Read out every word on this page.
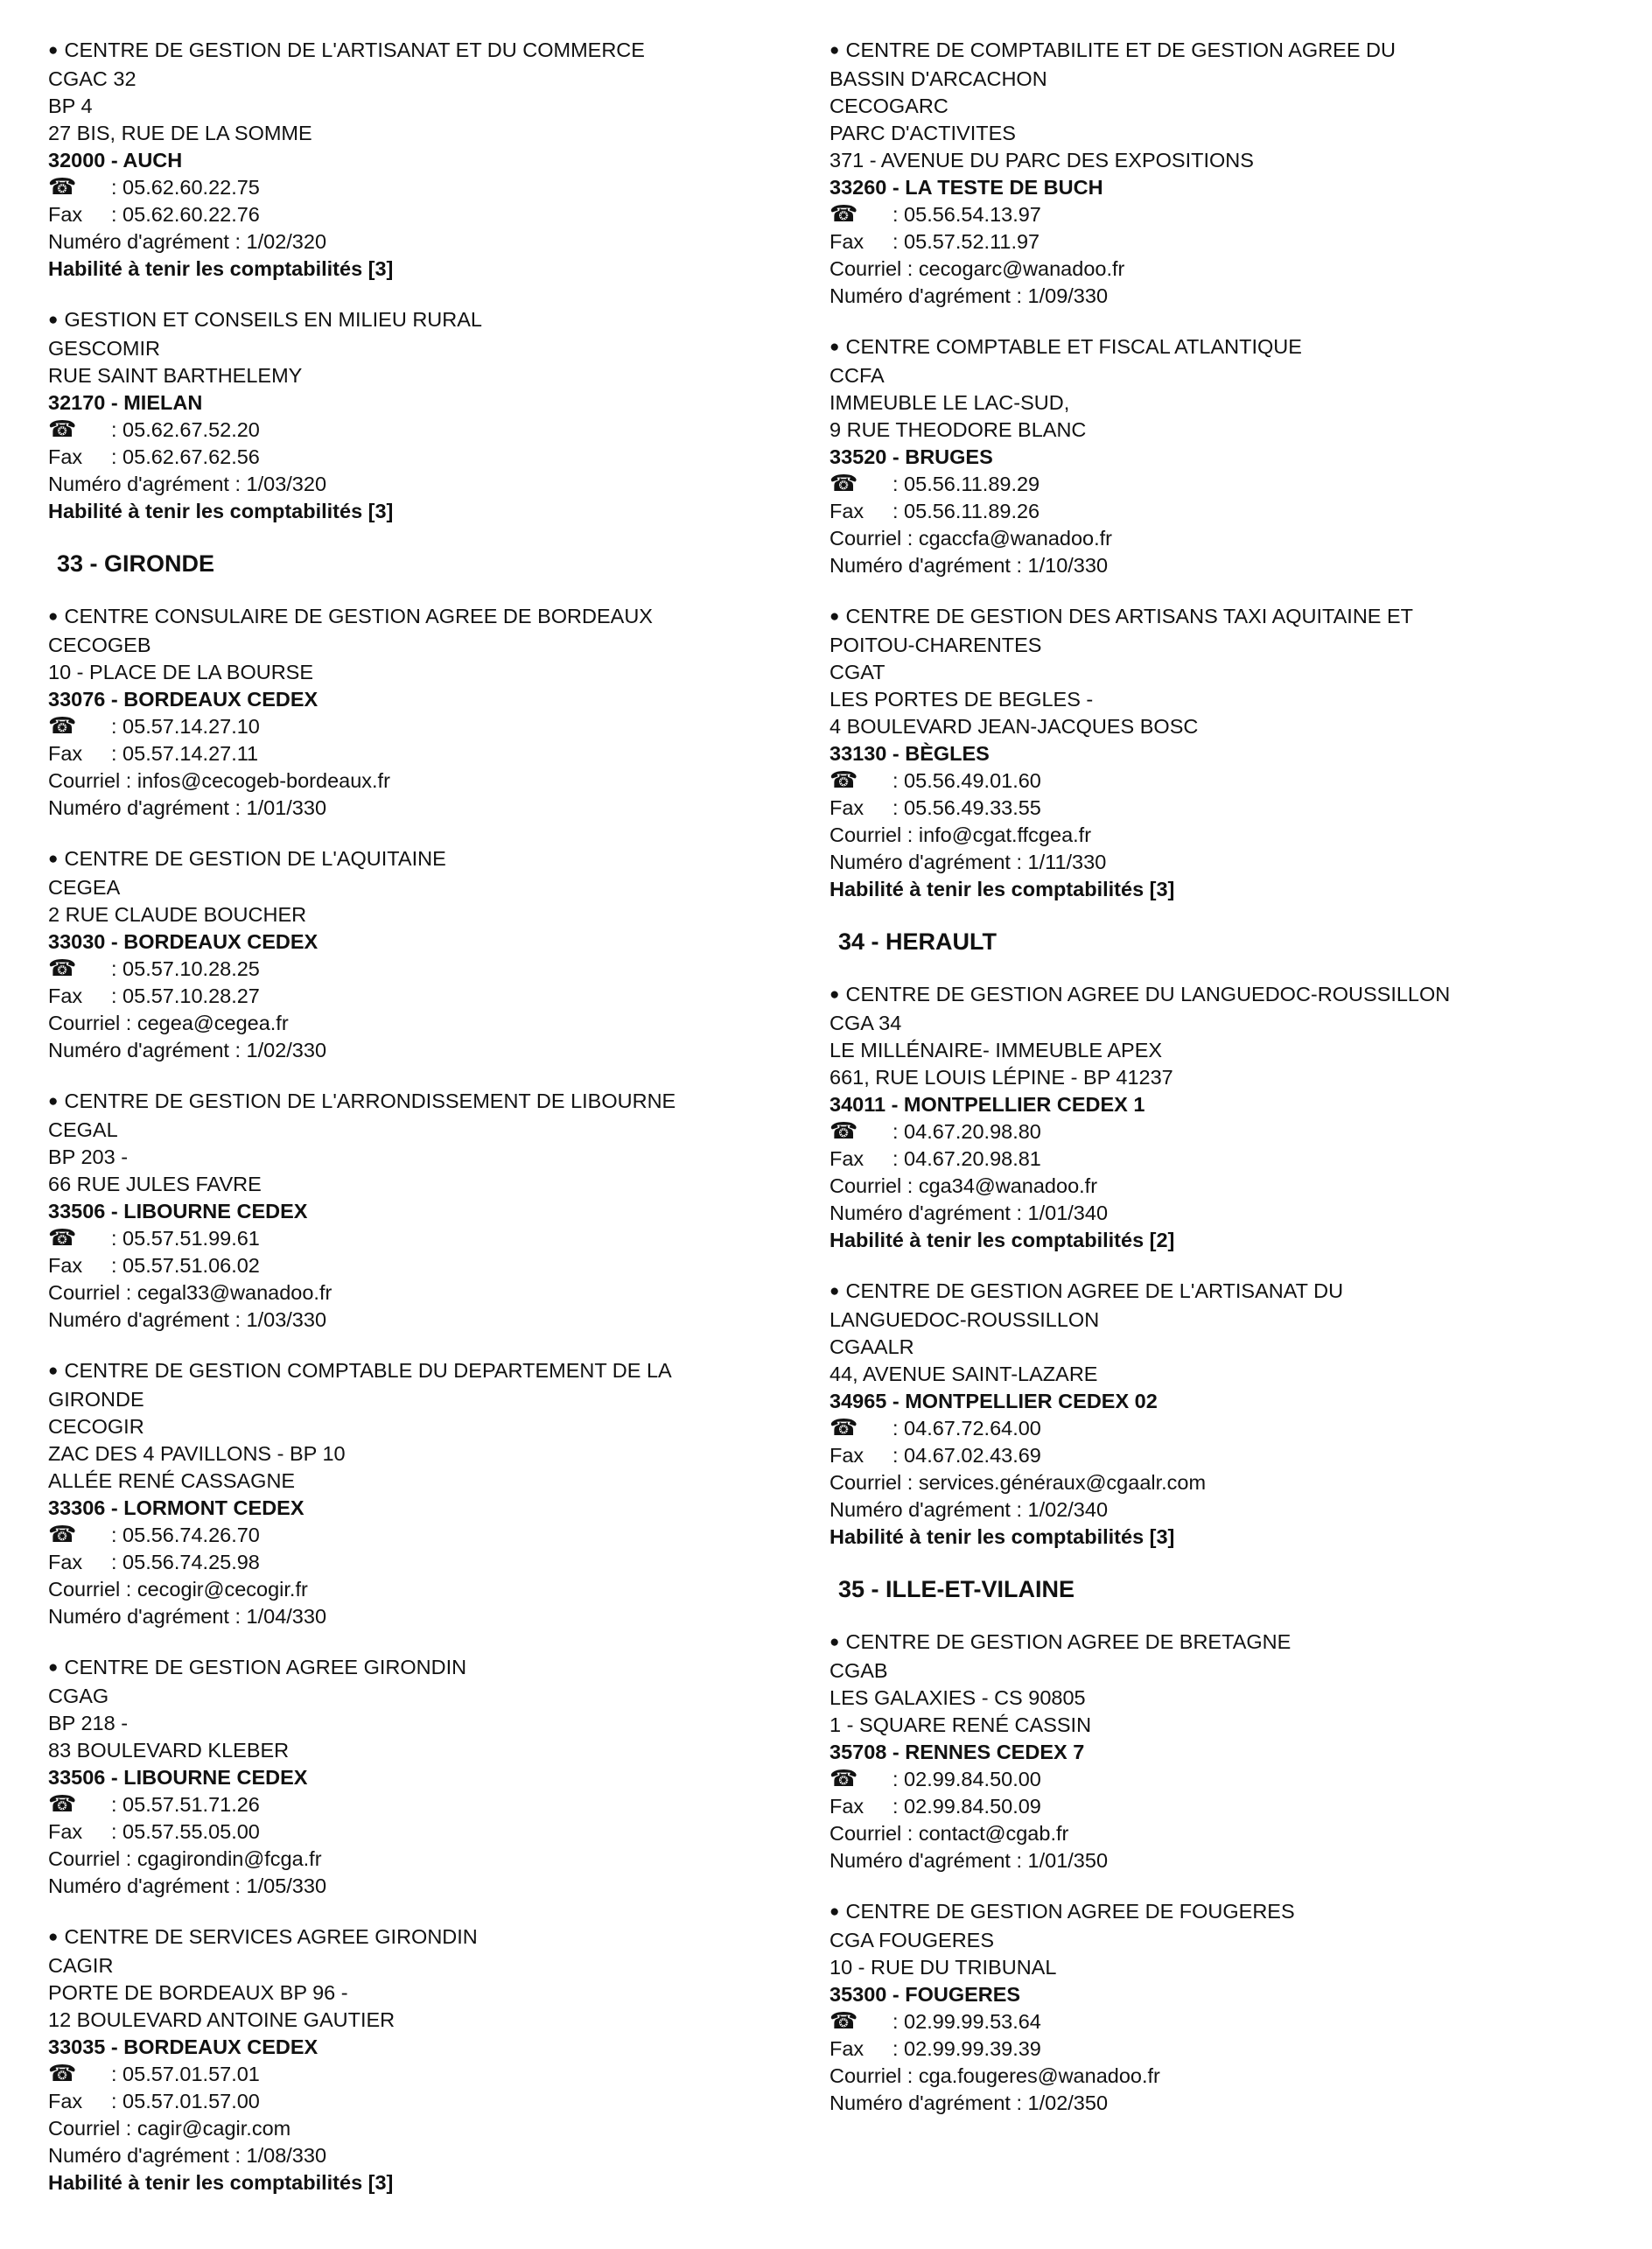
● CENTRE DE GESTION DE L'ARTISANAT ET DU COMMERCE
CGAC 32
BP 4
27 BIS, RUE DE LA SOMME
32000 - AUCH
☎ : 05.62.60.22.75
Fax : 05.62.60.22.76
Numéro d'agrément : 1/02/320
Habilité à tenir les comptabilités [3]
● GESTION ET CONSEILS EN MILIEU RURAL
GESCOMIR
RUE SAINT BARTHELEMY
32170 - MIELAN
☎ : 05.62.67.52.20
Fax : 05.62.67.62.56
Numéro d'agrément : 1/03/320
Habilité à tenir les comptabilités [3]
33 - GIRONDE
● CENTRE CONSULAIRE DE GESTION AGREE DE BORDEAUX
CECOGEB
10 - PLACE DE LA BOURSE
33076 - BORDEAUX CEDEX
☎ : 05.57.14.27.10
Fax : 05.57.14.27.11
Courriel : infos@cecogeb-bordeaux.fr
Numéro d'agrément : 1/01/330
● CENTRE DE GESTION DE L'AQUITAINE
CEGEA
2 RUE CLAUDE BOUCHER
33030 - BORDEAUX CEDEX
☎ : 05.57.10.28.25
Fax : 05.57.10.28.27
Courriel : cegea@cegea.fr
Numéro d'agrément : 1/02/330
● CENTRE DE GESTION DE L'ARRONDISSEMENT DE LIBOURNE
CEGAL
BP 203 -
66 RUE JULES FAVRE
33506 - LIBOURNE CEDEX
☎ : 05.57.51.99.61
Fax : 05.57.51.06.02
Courriel : cegal33@wanadoo.fr
Numéro d'agrément : 1/03/330
● CENTRE DE GESTION COMPTABLE DU DEPARTEMENT DE LA
GIRONDE
CECOGIR
ZAC DES 4 PAVILLONS - BP 10
ALLÉE RENÉ CASSAGNE
33306 - LORMONT CEDEX
☎ : 05.56.74.26.70
Fax : 05.56.74.25.98
Courriel : cecogir@cecogir.fr
Numéro d'agrément : 1/04/330
● CENTRE DE GESTION AGREE GIRONDIN
CGAG
BP 218 -
83 BOULEVARD KLEBER
33506 - LIBOURNE CEDEX
☎ : 05.57.51.71.26
Fax : 05.57.55.05.00
Courriel : cgagirondin@fcga.fr
Numéro d'agrément : 1/05/330
● CENTRE DE SERVICES AGREE GIRONDIN
CAGIR
PORTE DE BORDEAUX BP 96 -
12 BOULEVARD ANTOINE GAUTIER
33035 - BORDEAUX CEDEX
☎ : 05.57.01.57.01
Fax : 05.57.01.57.00
Courriel : cagir@cagir.com
Numéro d'agrément : 1/08/330
Habilité à tenir les comptabilités [3]
● CENTRE DE COMPTABILITE ET DE GESTION AGREE DU
BASSIN D'ARCACHON
CECOGARC
PARC D'ACTIVITES
371 - AVENUE DU PARC DES EXPOSITIONS
33260 - LA TESTE DE BUCH
☎ : 05.56.54.13.97
Fax : 05.57.52.11.97
Courriel : cecogarc@wanadoo.fr
Numéro d'agrément : 1/09/330
● CENTRE COMPTABLE ET FISCAL ATLANTIQUE
CCFA
IMMEUBLE LE LAC-SUD,
9 RUE THEODORE BLANC
33520 - BRUGES
☎ : 05.56.11.89.29
Fax : 05.56.11.89.26
Courriel : cgaccfa@wanadoo.fr
Numéro d'agrément : 1/10/330
● CENTRE DE GESTION DES ARTISANS TAXI AQUITAINE ET
POITOU-CHARENTES
CGAT
LES PORTES DE BEGLES -
4 BOULEVARD JEAN-JACQUES BOSC
33130 - BÈGLES
☎ : 05.56.49.01.60
Fax : 05.56.49.33.55
Courriel : info@cgat.ffcgea.fr
Numéro d'agrément : 1/11/330
Habilité à tenir les comptabilités [3]
34 - HERAULT
● CENTRE DE GESTION AGREE DU LANGUEDOC-ROUSSILLON
CGA 34
LE MILLÉNAIRE- IMMEUBLE APEX
661, RUE LOUIS LÉPINE - BP 41237
34011 - MONTPELLIER CEDEX 1
☎ : 04.67.20.98.80
Fax : 04.67.20.98.81
Courriel : cga34@wanadoo.fr
Numéro d'agrément : 1/01/340
Habilité à tenir les comptabilités [2]
● CENTRE DE GESTION AGREE DE L'ARTISANAT DU
LANGUEDOC-ROUSSILLON
CGAALR
44, AVENUE SAINT-LAZARE
34965 - MONTPELLIER CEDEX 02
☎ : 04.67.72.64.00
Fax : 04.67.02.43.69
Courriel : services.généraux@cgaalr.com
Numéro d'agrément : 1/02/340
Habilité à tenir les comptabilités [3]
35 - ILLE-ET-VILAINE
● CENTRE DE GESTION AGREE DE BRETAGNE
CGAB
LES GALAXIES - CS 90805
1 - SQUARE RENÉ CASSIN
35708 - RENNES CEDEX 7
☎ : 02.99.84.50.00
Fax : 02.99.84.50.09
Courriel : contact@cgab.fr
Numéro d'agrément : 1/01/350
● CENTRE DE GESTION AGREE DE FOUGERES
CGA FOUGERES
10 - RUE DU TRIBUNAL
35300 - FOUGERES
☎ : 02.99.99.53.64
Fax : 02.99.99.39.39
Courriel : cga.fougeres@wanadoo.fr
Numéro d'agrément : 1/02/350
